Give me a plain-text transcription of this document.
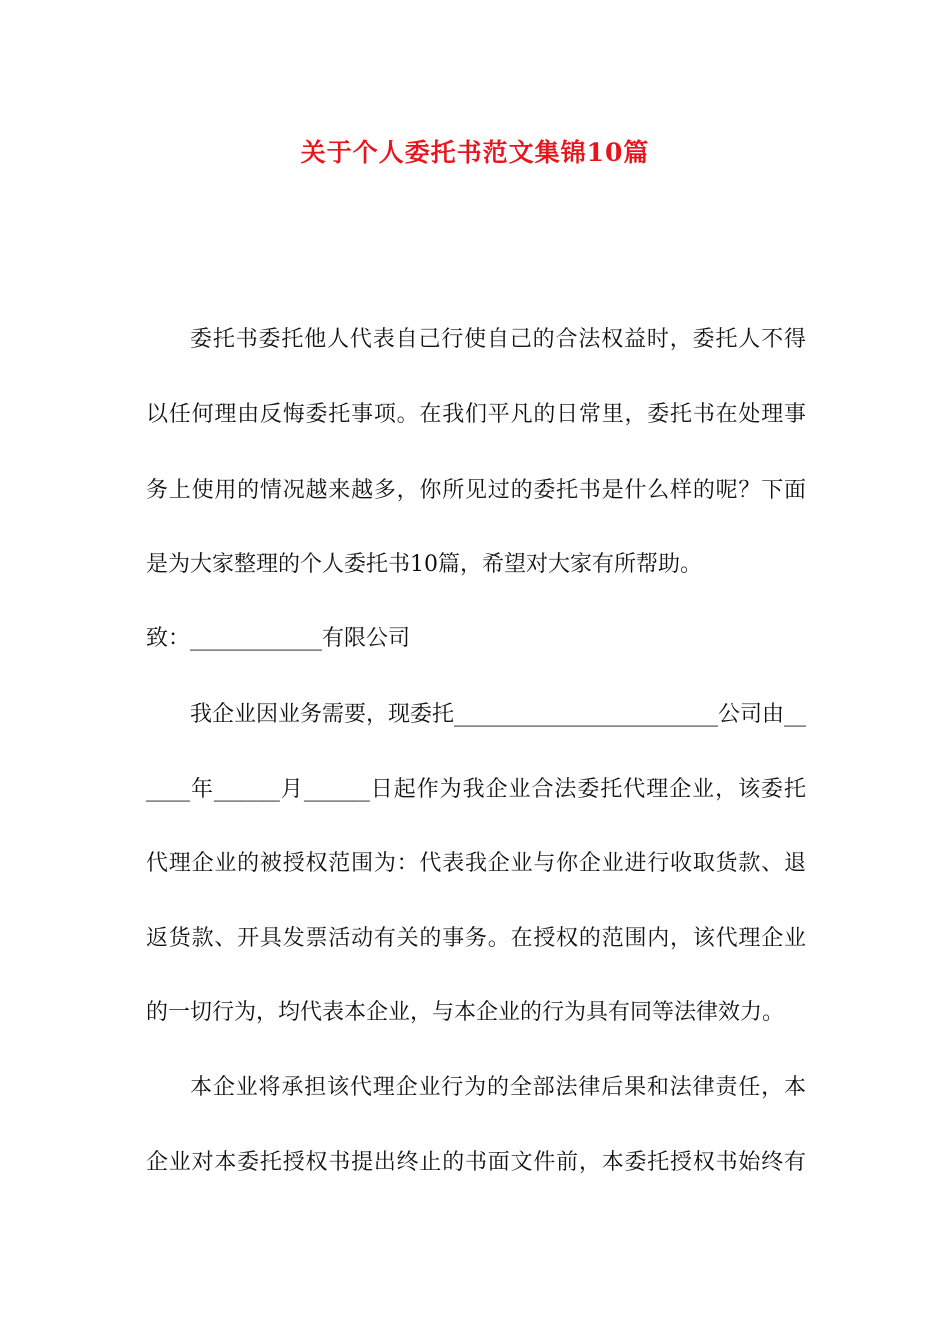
关于个人委托书范文集锦10篇
委托书委托他人代表自己行使自己的合法权益时，委托人不得
以任何理由反悔委托事项。在我们平凡的日常里，委托书在处理事
务上使用的情况越来越多，你所见过的委托书是什么样的呢？下面
是为大家整理的个人委托书10篇，希望对大家有所帮助。
致：____________有限公司
我企业因业务需要，现委托________________________公司由__
____年______月______日起作为我企业合法委托代理企业，该委托
代理企业的被授权范围为：代表我企业与你企业进行收取货款、退
返货款、开具发票活动有关的事务。在授权的范围内，该代理企业
的一切行为，均代表本企业，与本企业的行为具有同等法律效力。
本企业将承担该代理企业行为的全部法律后果和法律责任，本
企业对本委托授权书提出终止的书面文件前，本委托授权书始终有
